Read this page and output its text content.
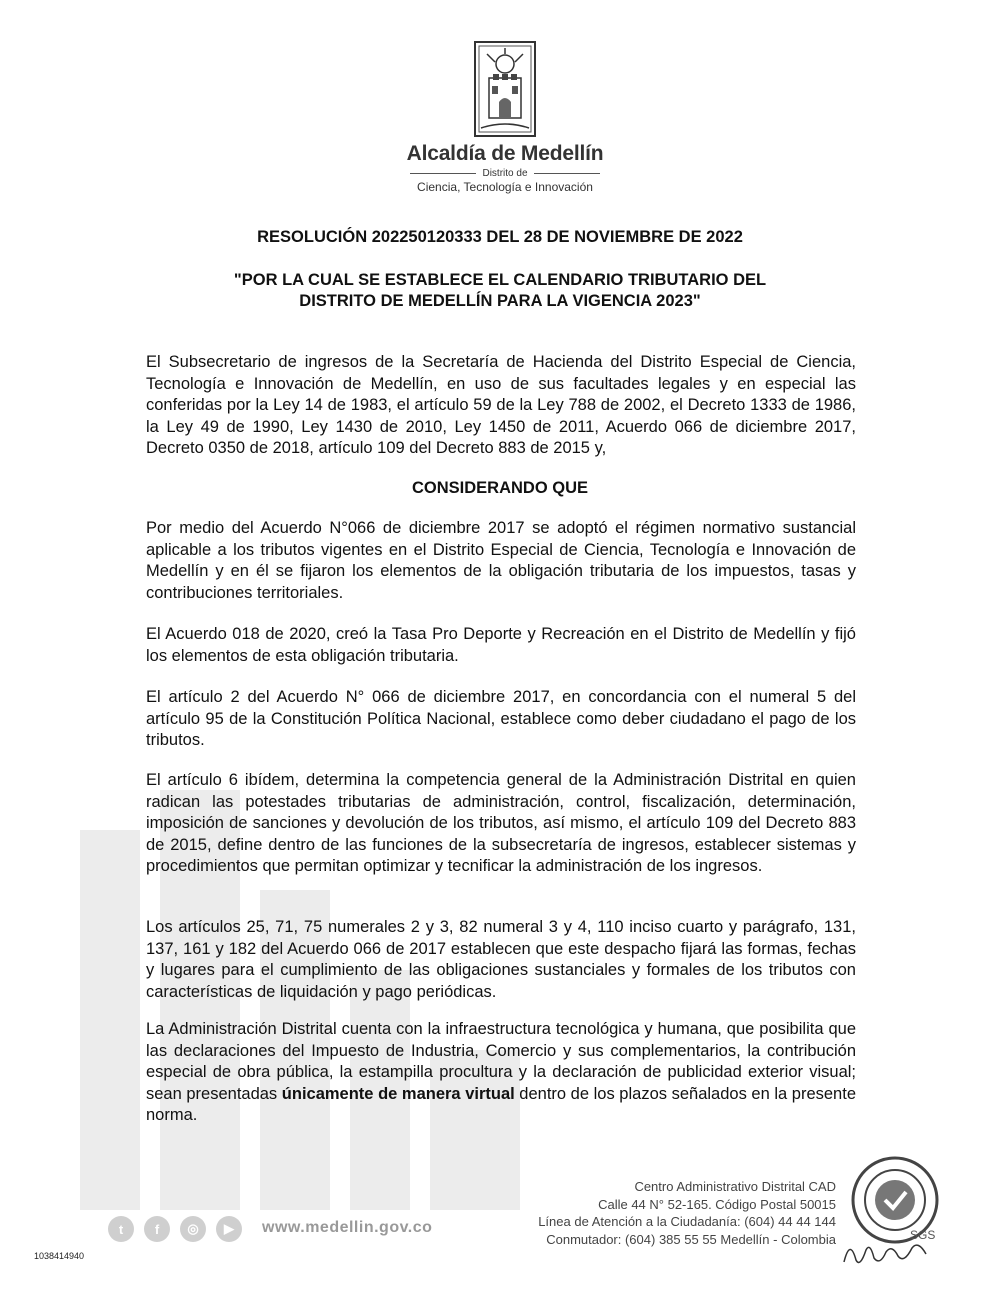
Alcaldía de Medellín
Distrito de
Ciencia, Tecnología e Innovación
RESOLUCIÓN 202250120333 DEL 28 DE NOVIEMBRE DE 2022
"POR LA CUAL SE ESTABLECE EL CALENDARIO TRIBUTARIO DEL
DISTRITO DE MEDELLÍN PARA LA VIGENCIA 2023"
El Subsecretario de ingresos de la Secretaría de Hacienda del Distrito Especial de Ciencia, Tecnología e Innovación de Medellín, en uso de sus facultades legales y en especial las conferidas por la Ley 14 de 1983, el artículo 59 de la Ley 788 de 2002, el Decreto 1333 de 1986, la Ley 49 de 1990, Ley 1430 de 2010, Ley 1450 de 2011, Acuerdo 066 de diciembre 2017, Decreto 0350 de 2018, artículo 109 del Decreto 883 de 2015 y,
CONSIDERANDO QUE
Por medio del Acuerdo N°066 de diciembre 2017 se adoptó el régimen normativo sustancial aplicable a los tributos vigentes en el Distrito Especial de Ciencia, Tecnología e Innovación de Medellín y en él se fijaron los elementos de la obligación tributaria de los impuestos, tasas y contribuciones territoriales.
El Acuerdo 018 de 2020, creó la Tasa Pro Deporte y Recreación en el Distrito de Medellín y fijó los elementos de esta obligación tributaria.
El artículo 2 del Acuerdo N° 066 de diciembre 2017, en concordancia con el numeral 5 del artículo 95 de la Constitución Política Nacional, establece como deber ciudadano el pago de los tributos.
El artículo 6 ibídem, determina la competencia general de la Administración Distrital en quien radican las potestades tributarias de administración, control, fiscalización, determinación, imposición de sanciones y devolución de los tributos, así mismo, el artículo 109 del Decreto 883 de 2015, define dentro de las funciones de la subsecretaría de ingresos, establecer sistemas y procedimientos que permitan optimizar y tecnificar la administración de los ingresos.
Los artículos 25, 71, 75 numerales 2 y 3, 82 numeral 3 y 4, 110 inciso cuarto y parágrafo, 131, 137, 161 y 182 del Acuerdo 066 de 2017 establecen que este despacho fijará las formas, fechas y lugares para el cumplimiento de las obligaciones sustanciales y formales de los tributos con características de liquidación y pago periódicas.
La Administración Distrital cuenta con la infraestructura tecnológica y humana, que posibilita que las declaraciones del Impuesto de Industria, Comercio y sus complementarios, la contribución especial de obra pública, la estampilla procultura y la declaración de publicidad exterior visual; sean presentadas únicamente de manera virtual dentro de los plazos señalados en la presente norma.
t	f	◎	▶	www.medellin.gov.co
Centro Administrativo Distrital CAD
Calle 44 N° 52-165. Código Postal 50015
Línea de Atención a la Ciudadanía: (604) 44 44 144
Conmutador: (604) 385 55 55 Medellín - Colombia	SGS
1038414940
